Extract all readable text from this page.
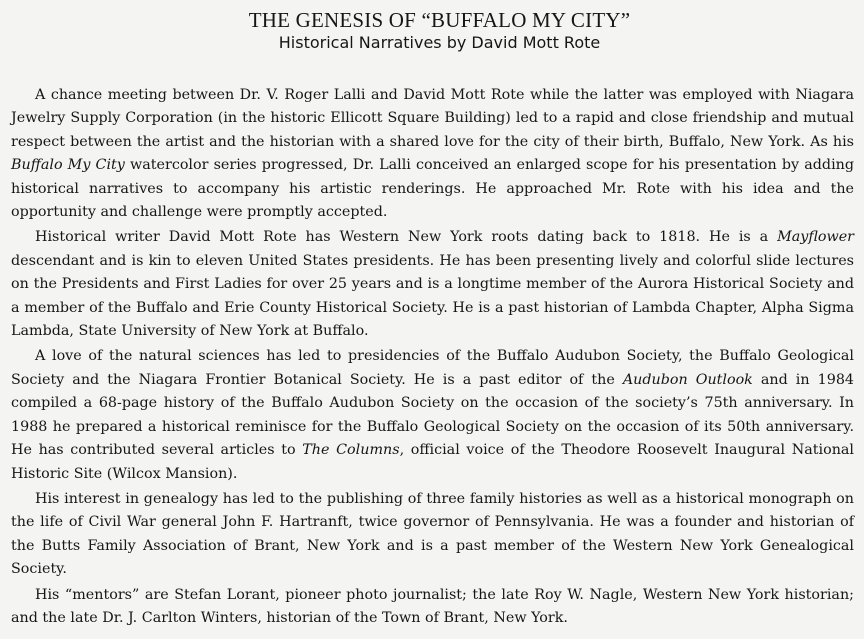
THE GENESIS OF “BUFFALO MY CITY”
Historical Narratives by David Mott Rote

A chance meeting between Dr. V. Roger Lalli and David Mott Rote while the latter was employed with Niagara Jewelry Supply Corporation (in the historic Ellicott Square Building) led to a rapid and close friendship and mutual respect between the artist and the historian with a shared love for the city of their birth, Buffalo, New York. As his Buffalo My City watercolor series progressed, Dr. Lalli conceived an enlarged scope for his presentation by adding historical narratives to accompany his artistic renderings. He approached Mr. Rote with his idea and the opportunity and challenge were promptly accepted.

Historical writer David Mott Rote has Western New York roots dating back to 1818. He is a Mayflower descendant and is kin to eleven United States presidents. He has been presenting lively and colorful slide lectures on the Presidents and First Ladies for over 25 years and is a longtime member of the Aurora Historical Society and a member of the Buffalo and Erie County Historical Society. He is a past historian of Lambda Chapter, Alpha Sigma Lambda, State University of New York at Buffalo.

A love of the natural sciences has led to presidencies of the Buffalo Audubon Society, the Buffalo Geological Society and the Niagara Frontier Botanical Society. He is a past editor of the Audubon Outlook and in 1984 compiled a 68-page history of the Buffalo Audubon Society on the occasion of the society’s 75th anniversary. In 1988 he prepared a historical reminisce for the Buffalo Geological Society on the occasion of its 50th anniversary. He has contributed several articles to The Columns, official voice of the Theodore Roosevelt Inaugural National Historic Site (Wilcox Mansion).

His interest in genealogy has led to the publishing of three family histories as well as a historical monograph on the life of Civil War general John F. Hartranft, twice governor of Pennsylvania. He was a founder and historian of the Butts Family Association of Brant, New York and is a past member of the Western New York Genealogical Society.

His “mentors” are Stefan Lorant, pioneer photo journalist; the late Roy W. Nagle, Western New York historian; and the late Dr. J. Carlton Winters, historian of the Town of Brant, New York.
